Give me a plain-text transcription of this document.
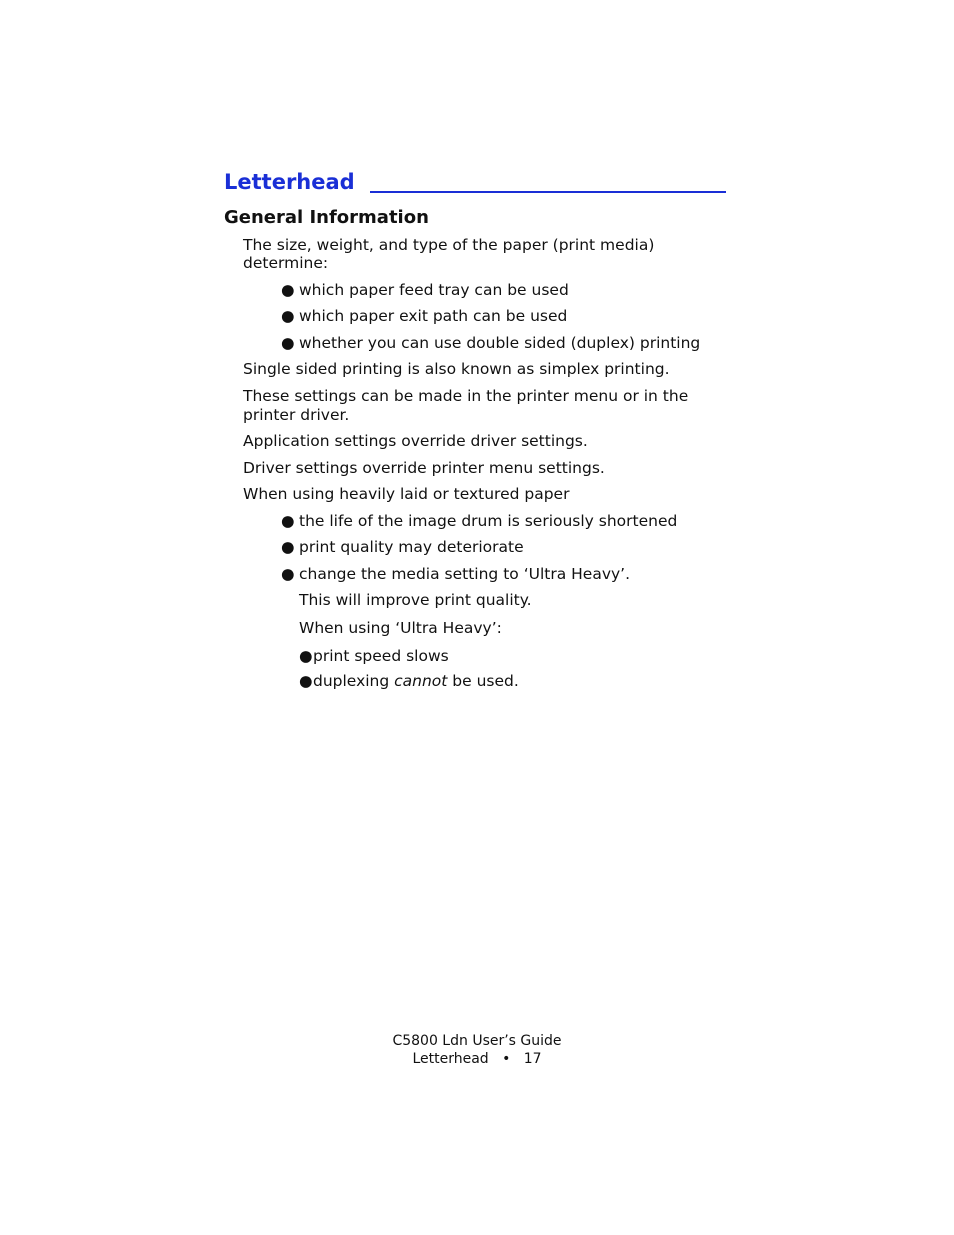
Letterhead
General Information
The size, weight, and type of the paper (print media)
determine:
● which paper feed tray can be used
● which paper exit path can be used
● whether you can use double sided (duplex) printing
Single sided printing is also known as simplex printing.
These settings can be made in the printer menu or in the
printer driver.
Application settings override driver settings.
Driver settings override printer menu settings.
When using heavily laid or textured paper
● the life of the image drum is seriously shortened
● print quality may deteriorate
● change the media setting to ‘Ultra Heavy’.
This will improve print quality.
When using ‘Ultra Heavy’:
● print speed slows
● duplexing cannot be used.
C5800 Ldn User’s Guide
Letterhead • 17
